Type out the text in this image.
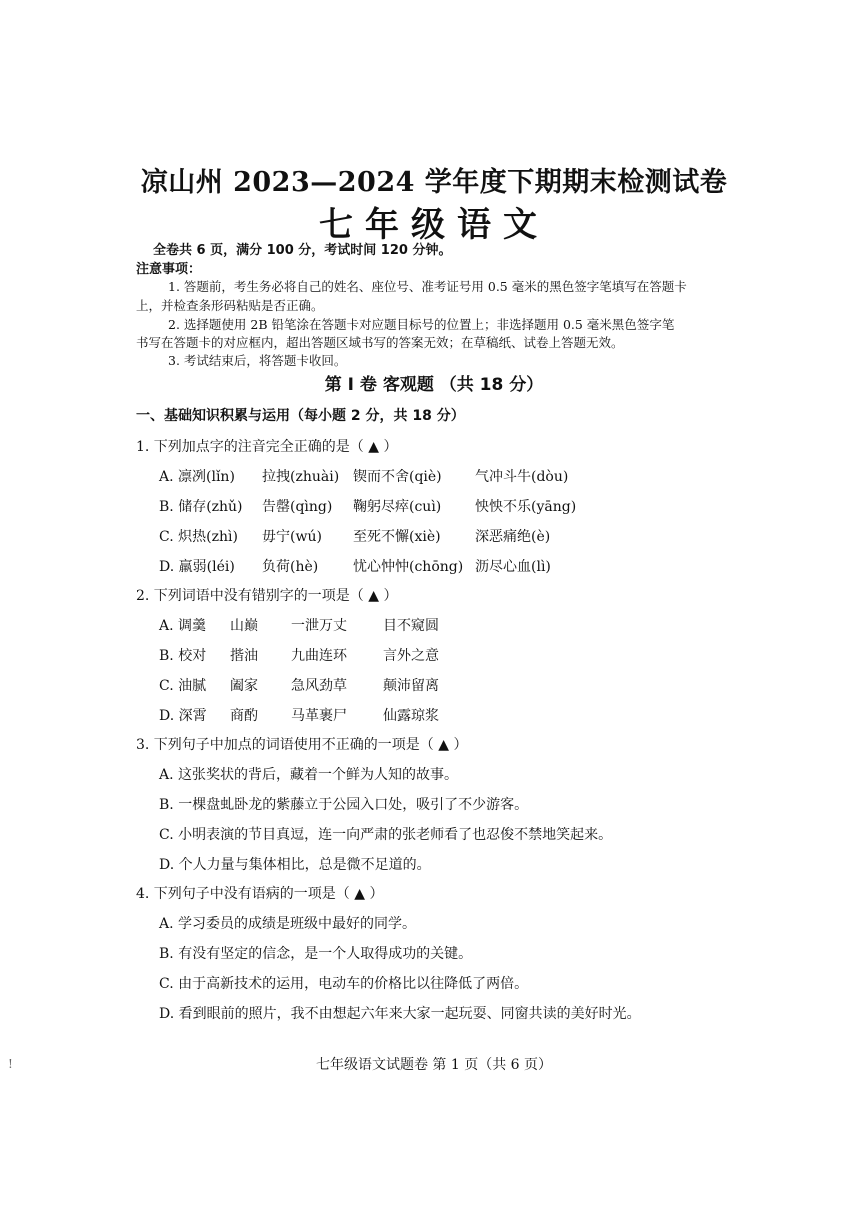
凉山州 2023—2024 学年度下期期末检测试卷
七年级语文
全卷共 6 页，满分 100 分，考试时间 120 分钟。
注意事项：
1. 答题前，考生务必将自己的姓名、座位号、准考证号用 0.5 毫米的黑色签字笔填写在答题卡
上，并检查条形码粘贴是否正确。
2. 选择题使用 2B 铅笔涂在答题卡对应题目标号的位置上；非选择题用 0.5 毫米黑色签字笔
书写在答题卡的对应框内，超出答题区域书写的答案无效；在草稿纸、试卷上答题无效。
3. 考试结束后，将答题卡收回。
第 I 卷 客观题 （共 18 分）
一、基础知识积累与运用（每小题 2 分，共 18 分）
1. 下列加点字的注音完全正确的是（ ▲ ）
A. 凛冽(lǐn) 拉拽(zhuài) 锲而不舍(qiè) 气冲斗牛(dòu)
B. 储存(zhǔ) 告罄(qìng) 鞠躬尽瘁(cuì) 怏怏不乐(yāng)
C. 炽热(zhì) 毋宁(wú) 至死不懈(xiè) 深恶痛绝(è)
D. 羸弱(léi) 负荷(hè) 忧心忡忡(chōng) 沥尽心血(lì)
2. 下列词语中没有错别字的一项是（ ▲ ）
A. 调羹 山巅 一泄万丈	目不窥圆
B. 校对 揩油 九曲连环	言外之意
C. 油腻 阖家 急风劲草	颠沛留离
D. 深霄 商酌 马革裹尸	仙露琼浆
3. 下列句子中加点的词语使用不正确的一项是（ ▲ ）
A. 这张奖状的背后，藏着一个鲜为人知的故事。
B. 一棵盘虬卧龙的紫藤立于公园入口处，吸引了不少游客。
C. 小明表演的节目真逗，连一向严肃的张老师看了也忍俊不禁地笑起来。
D. 个人力量与集体相比，总是微不足道的。
4. 下列句子中没有语病的一项是（ ▲ ）
A. 学习委员的成绩是班级中最好的同学。
B. 有没有坚定的信念，是一个人取得成功的关键。
C. 由于高新技术的运用，电动车的价格比以往降低了两倍。
D. 看到眼前的照片，我不由想起六年来大家一起玩耍、同窗共读的美好时光。
!	七年级语文试题卷 第 1 页（共 6 页）
